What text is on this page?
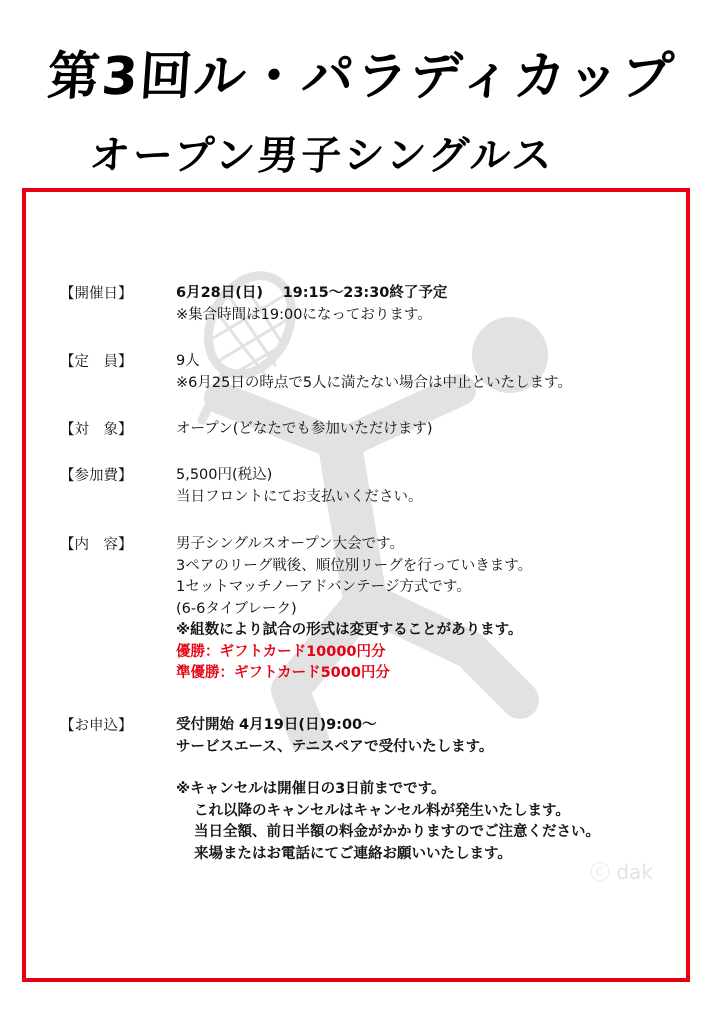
第3回ル・パラディカップ
オープン男子シングルス
ⓒ dak
【開催日】	6月28日(日)　 19:15～23:30終了予定
※集合時間は19:00になっております。
【定　員】	9人
※6月25日の時点で5人に満たない場合は中止といたします。
【対　象】	オープン(どなたでも参加いただけます)
【参加費】	5,500円(税込)
当日フロントにてお支払いください。
【内　容】	男子シングルスオープン大会です。
3ペアのリーグ戦後、順位別リーグを行っていきます。
1セットマッチノーアドバンテージ方式です。
(6-6タイブレーク)
※組数により試合の形式は変更することがあります。
優勝：ギフトカード10000円分
準優勝：ギフトカード5000円分
【お申込】	受付開始 4月19日(日)9:00～
サービスエース、テニスペアで受付いたします。
※キャンセルは開催日の3日前までです。
これ以降のキャンセルはキャンセル料が発生いたします。
当日全額、前日半額の料金がかかりますのでご注意ください。
来場またはお電話にてご連絡お願いいたします。
